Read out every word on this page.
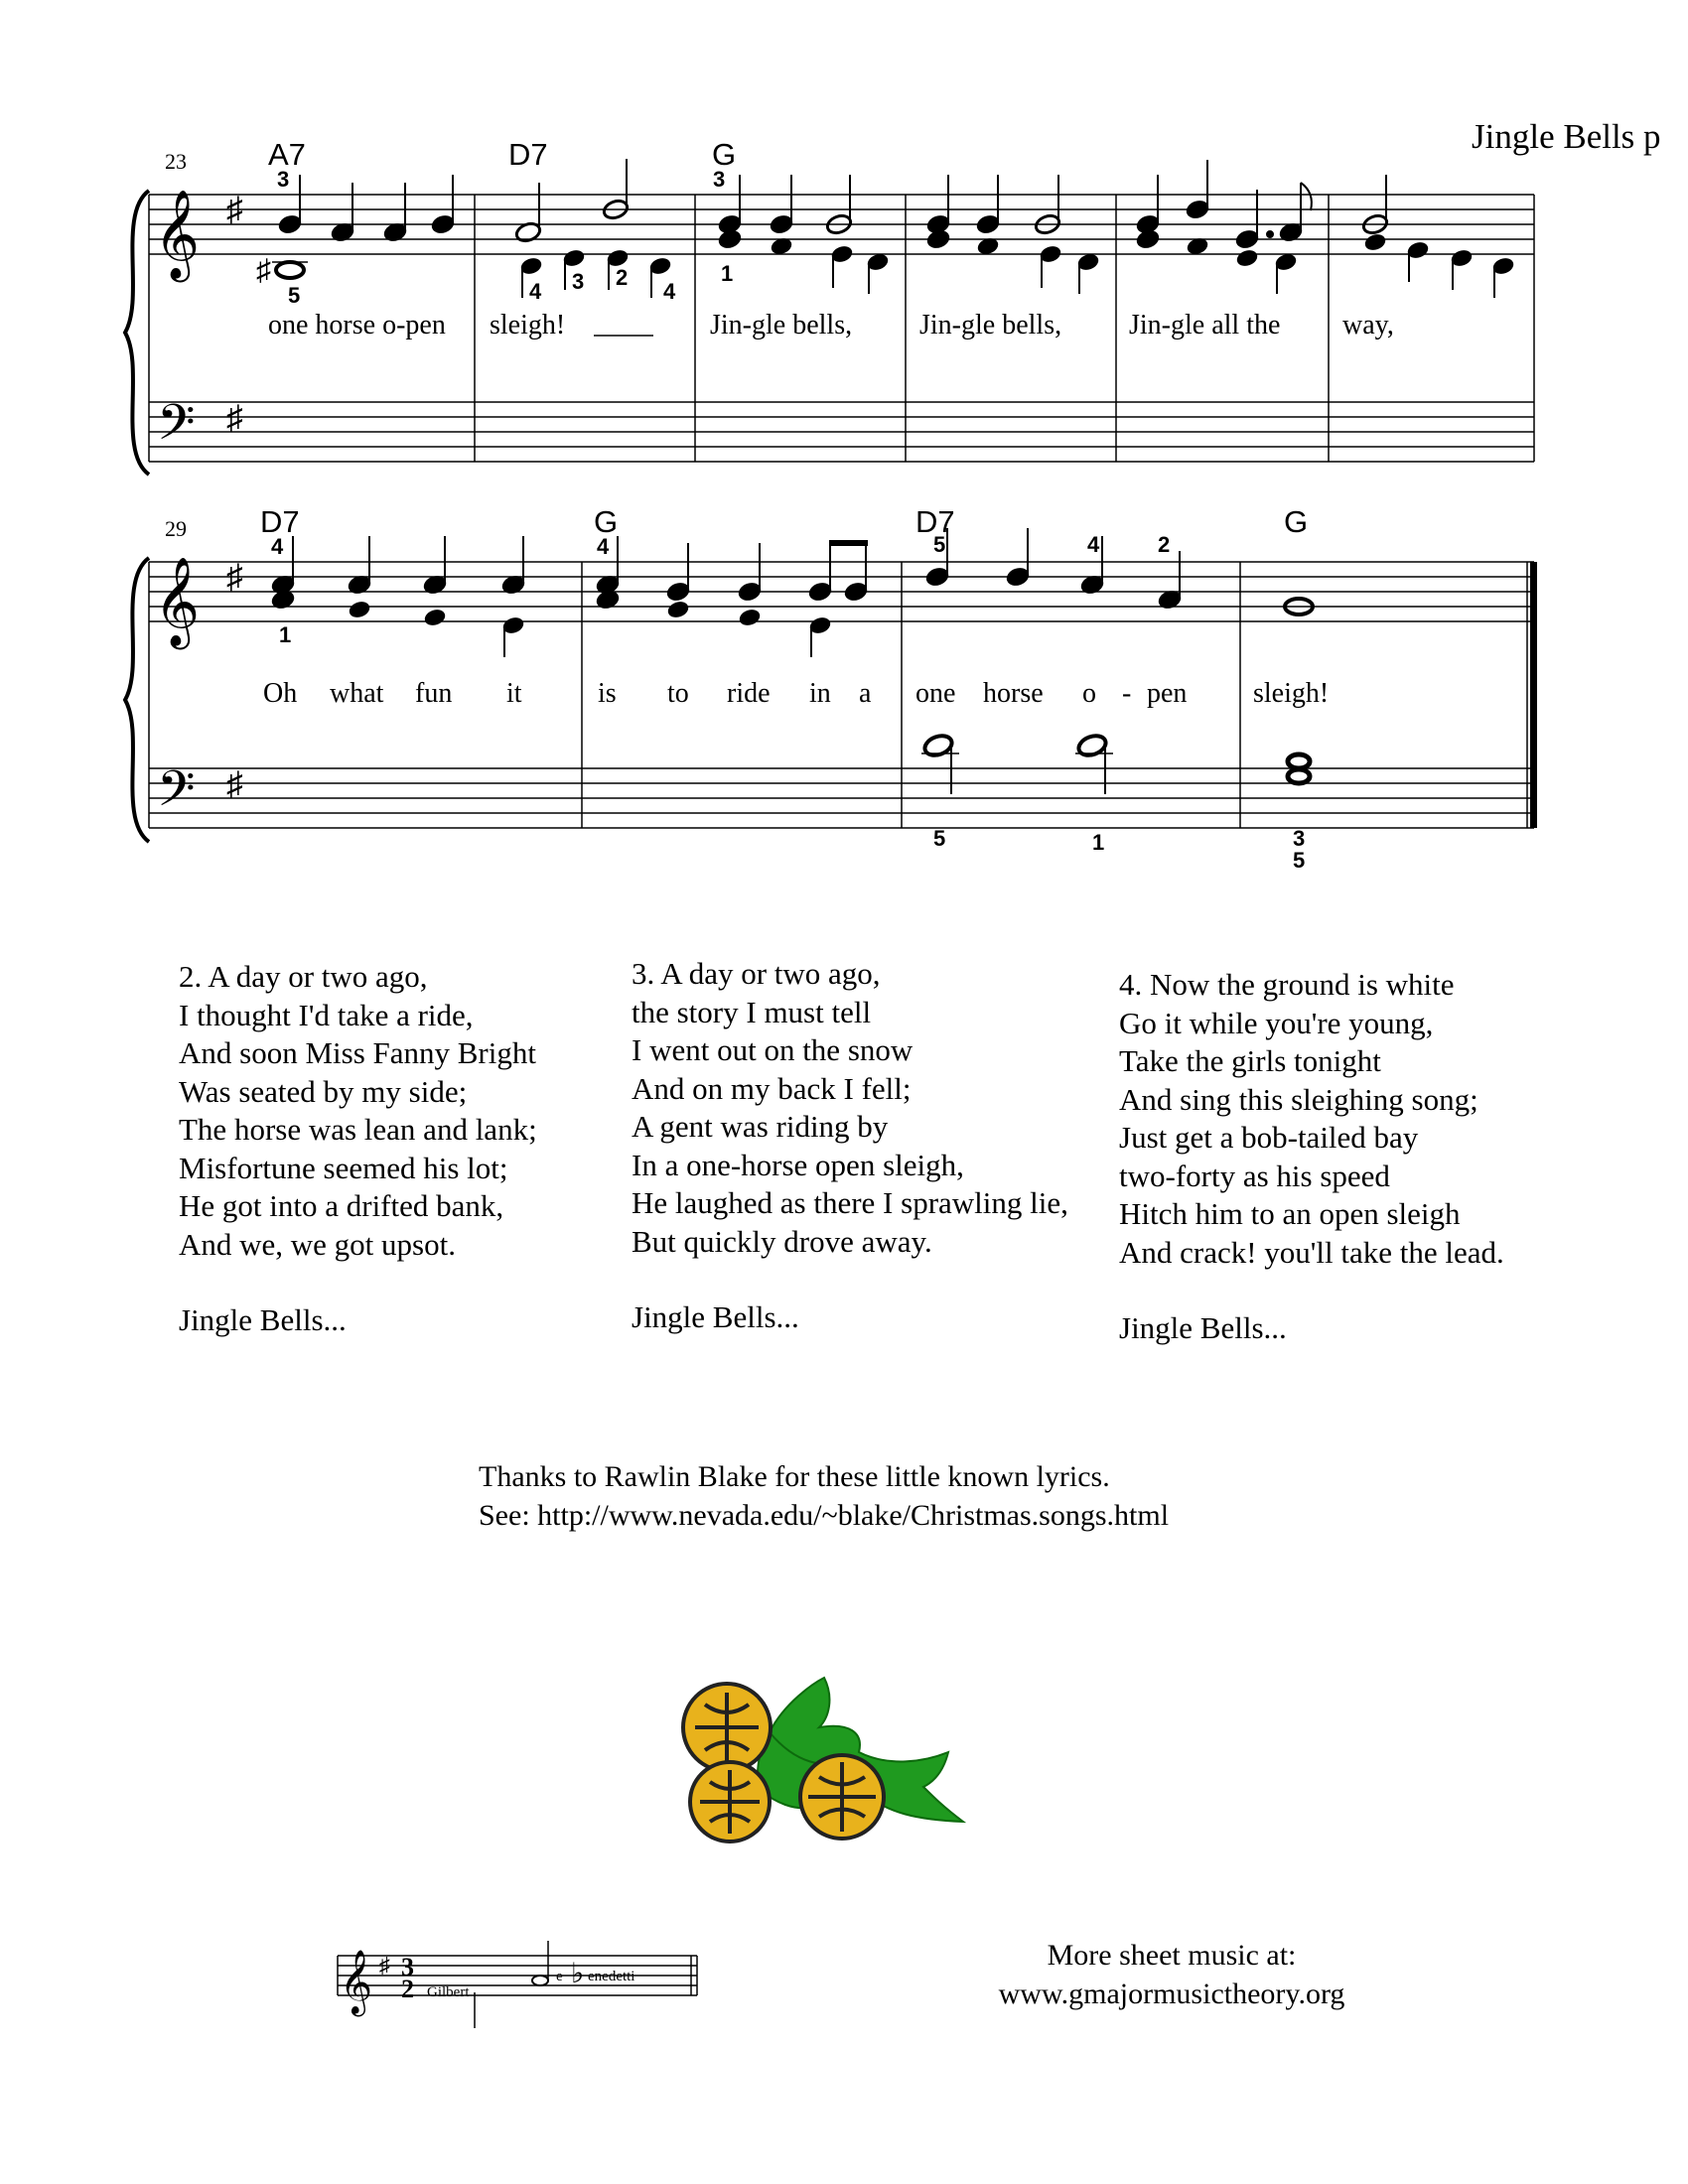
Jingle Bells p
𝄞
𝄢
♯
♯
♯
23	A7	D7	G
3
5	4 3 2
4
3
1
one horse o-pen sleigh!	Jin-gle bells, Jin-gle bells, Jin-gle all the way,
𝄞
𝄢
♯
♯
29 D7	G	D7	G
4
1
4	5	4	2
5	1	3
5
Oh what fun it	is to ride in a one horse o - pen sleigh!
2. A day or two ago,
I thought I'd take a ride,
And soon Miss Fanny Bright
Was seated by my side;
The horse was lean and lank;
Misfortune seemed his lot;
He got into a drifted bank,
And we, we got upsot.
Jingle Bells...
3. A day or two ago,
the story I must tell
I went out on the snow
And on my back I fell;
A gent was riding by
In a one-horse open sleigh,
He laughed as there I sprawling lie,
But quickly drove away.
Jingle Bells...
4. Now the ground is white
Go it while you're young,
Take the girls tonight
And sing this sleighing song;
Just get a bob-tailed bay
two-forty as his speed
Hitch him to an open sleigh
And crack! you'll take the lead.
Jingle Bells...
Thanks to Rawlin Blake for these little known lyrics.
See: http://www.nevada.edu/~blake/Christmas.songs.html
𝄞 ♯ 3
2 Gilbert
e ♭ enedetti
More sheet music at:
www.gmajormusictheory.org
